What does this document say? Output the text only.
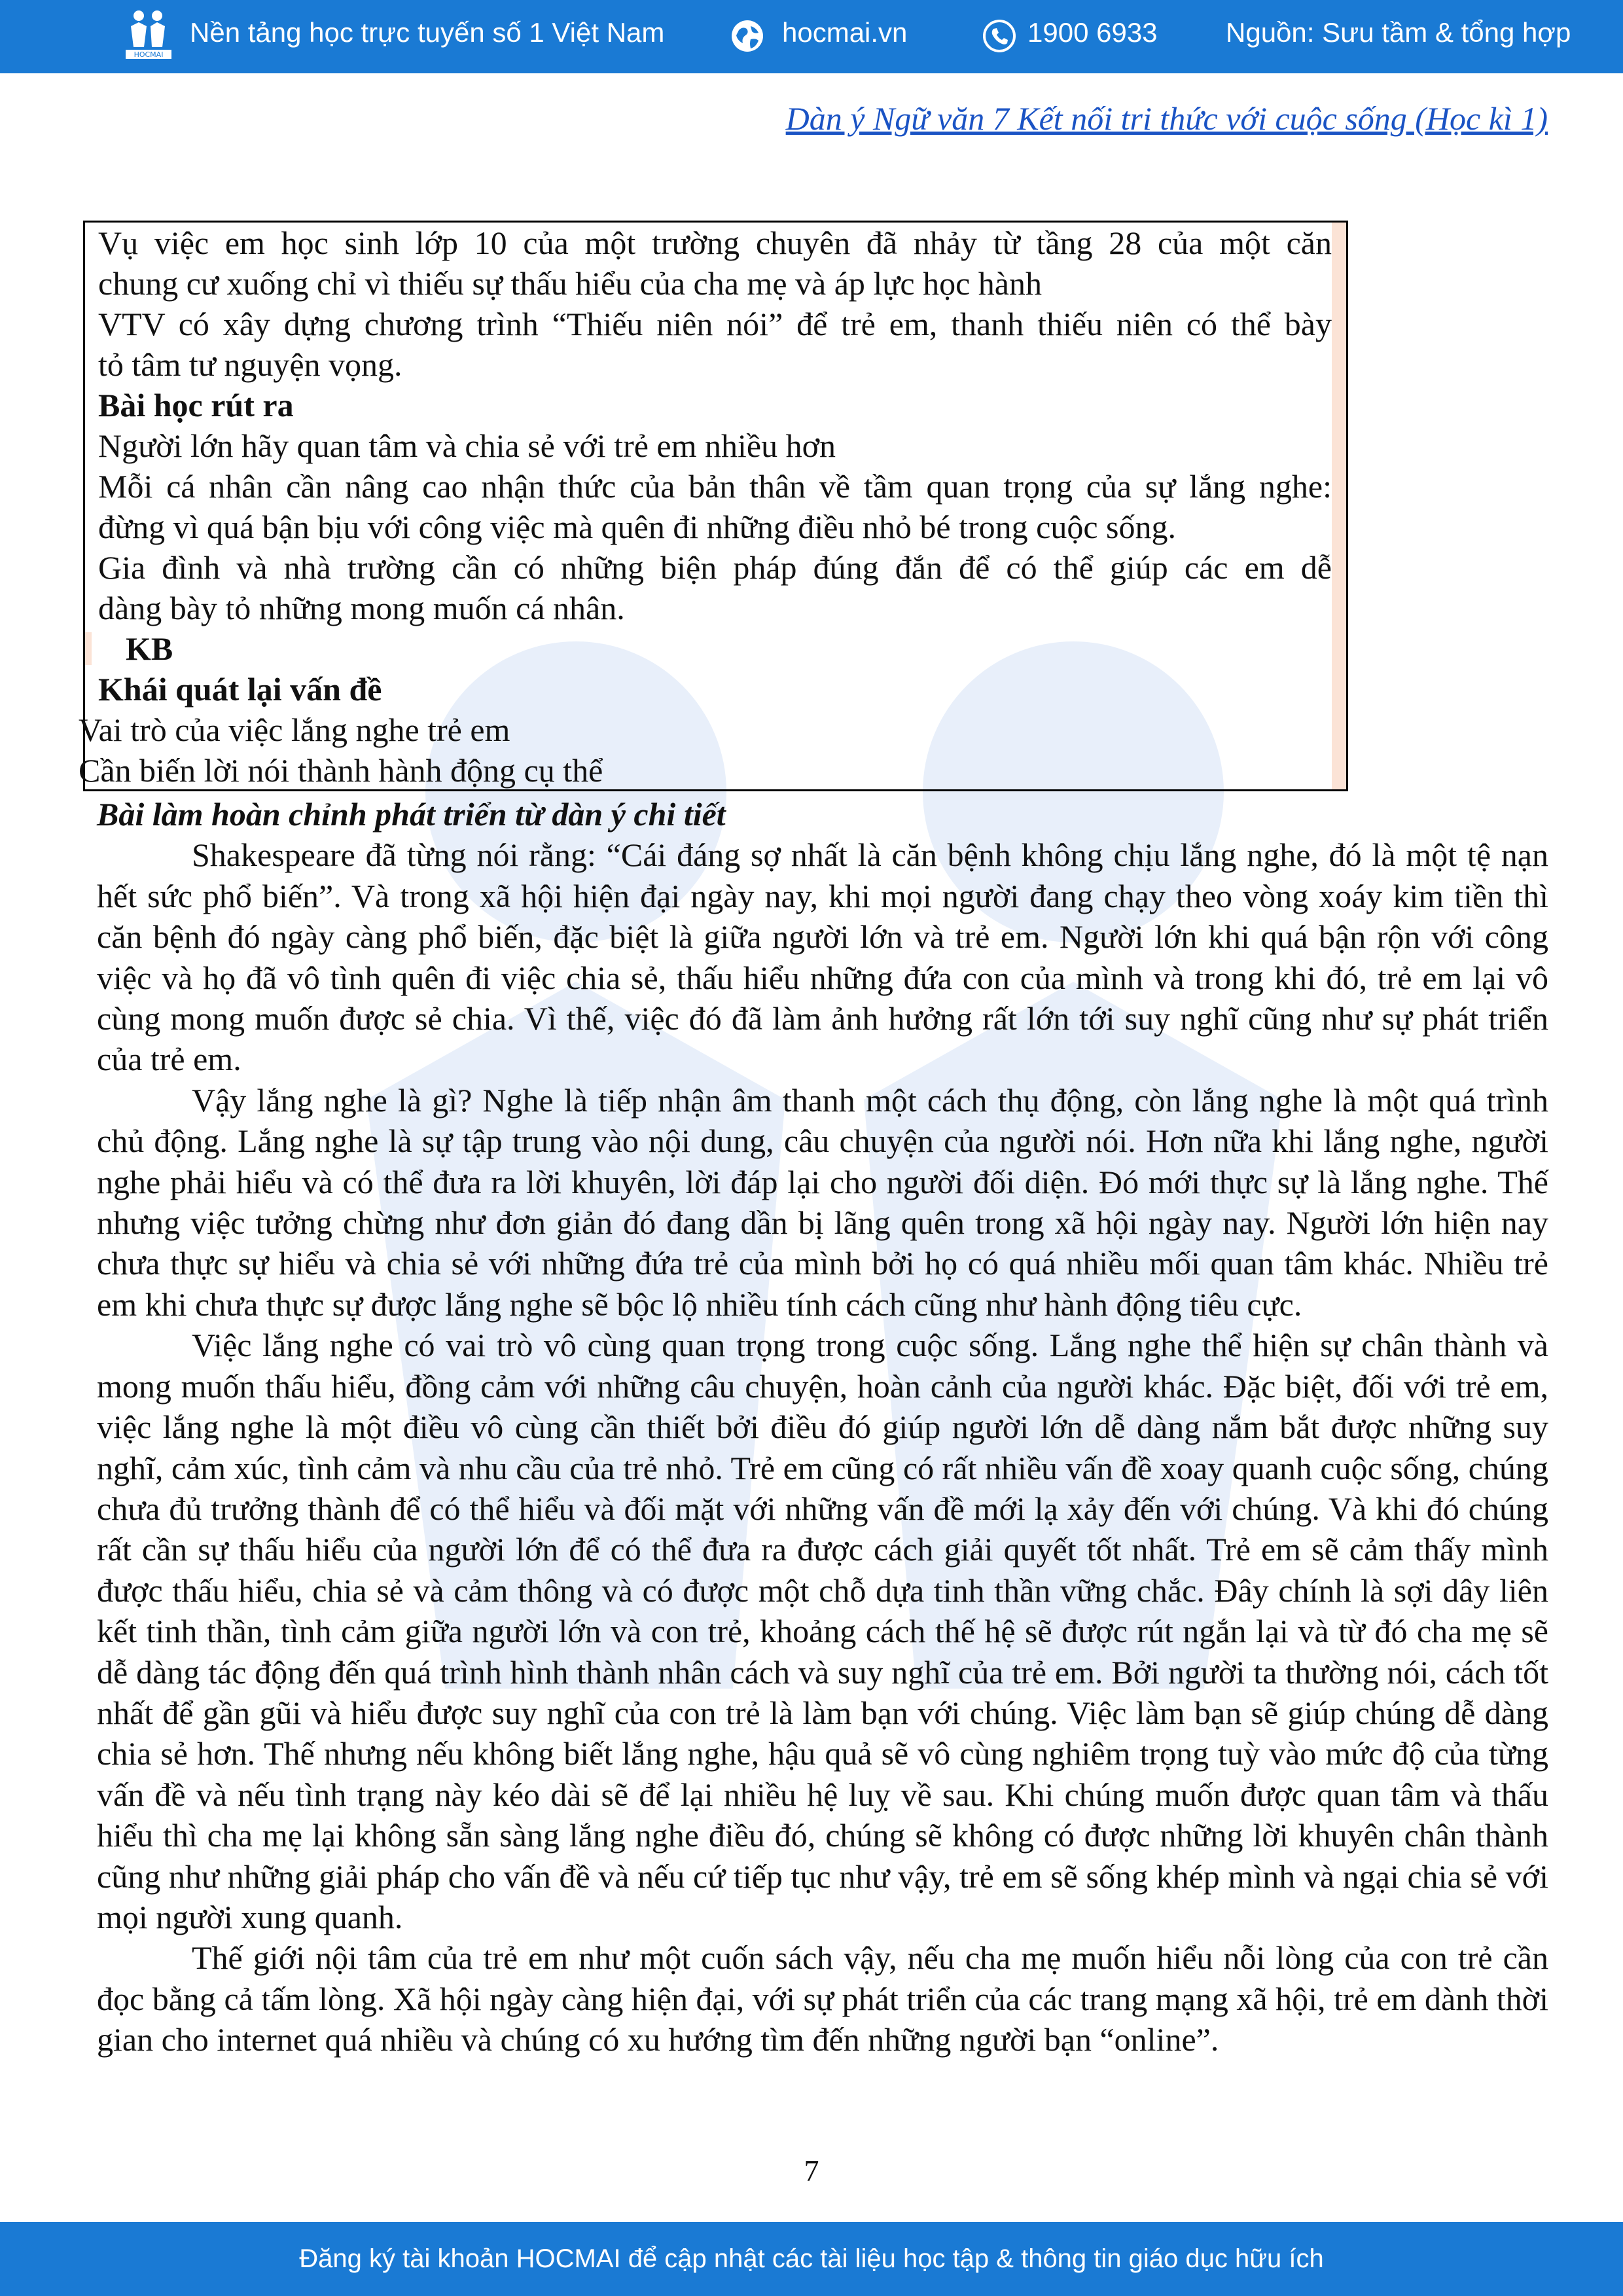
HOCMAI
Nền tảng học trực tuyến số 1 Việt Nam	hocmai.vn	1900 6933 Nguồn: Sưu tầm & tổng hợp
Dàn ý Ngữ văn 7 Kết nối tri thức với cuộc sống (Học kì 1)
Vụ việc em học sinh lớp 10 của một trường chuyên đã nhảy từ tầng 28 của một căn
chung cư xuống chỉ vì thiếu sự thấu hiểu của cha mẹ và áp lực học hành
VTV có xây dựng chương trình “Thiếu niên nói” để trẻ em, thanh thiếu niên có thể bày
tỏ tâm tư nguyện vọng.
Bài học rút ra
Người lớn hãy quan tâm và chia sẻ với trẻ em nhiều hơn
Mỗi cá nhân cần nâng cao nhận thức của bản thân về tầm quan trọng của sự lắng nghe:
đừng vì quá bận bịu với công việc mà quên đi những điều nhỏ bé trong cuộc sống.
Gia đình và nhà trường cần có những biện pháp đúng đắn để có thể giúp các em dễ
dàng bày tỏ những mong muốn cá nhân.
KB
Khái quát lại vấn đề
Vai trò của việc lắng nghe trẻ em
Cần biến lời nói thành hành động cụ thể
Bài làm hoàn chỉnh phát triển từ dàn ý chi tiết

Shakespeare đã từng nói rằng: “Cái đáng sợ nhất là căn bệnh không chịu lắng nghe, đó là một tệ nạn hết sức phổ biến”. Và trong xã hội hiện đại ngày nay, khi mọi người đang chạy theo vòng xoáy kim tiền thì căn bệnh đó ngày càng phổ biến, đặc biệt là giữa người lớn và trẻ em. Người lớn khi quá bận rộn với công việc và họ đã vô tình quên đi việc chia sẻ, thấu hiểu những đứa con của mình và trong khi đó, trẻ em lại vô cùng mong muốn được sẻ chia. Vì thế, việc đó đã làm ảnh hưởng rất lớn tới suy nghĩ cũng như sự phát triển của trẻ em.

Vậy lắng nghe là gì? Nghe là tiếp nhận âm thanh một cách thụ động, còn lắng nghe là một quá trình chủ động. Lắng nghe là sự tập trung vào nội dung, câu chuyện của người nói. Hơn nữa khi lắng nghe, người nghe phải hiểu và có thể đưa ra lời khuyên, lời đáp lại cho người đối diện. Đó mới thực sự là lắng nghe. Thế nhưng việc tưởng chừng như đơn giản đó đang dần bị lãng quên trong xã hội ngày nay. Người lớn hiện nay chưa thực sự hiểu và chia sẻ với những đứa trẻ của mình bởi họ có quá nhiều mối quan tâm khác. Nhiều trẻ em khi chưa thực sự được lắng nghe sẽ bộc lộ nhiều tính cách cũng như hành động tiêu cực.

Việc lắng nghe có vai trò vô cùng quan trọng trong cuộc sống. Lắng nghe thể hiện sự chân thành và mong muốn thấu hiểu, đồng cảm với những câu chuyện, hoàn cảnh của người khác. Đặc biệt, đối với trẻ em, việc lắng nghe là một điều vô cùng cần thiết bởi điều đó giúp người lớn dễ dàng nắm bắt được những suy nghĩ, cảm xúc, tình cảm và nhu cầu của trẻ nhỏ. Trẻ em cũng có rất nhiều vấn đề xoay quanh cuộc sống, chúng chưa đủ trưởng thành để có thể hiểu và đối mặt với những vấn đề mới lạ xảy đến với chúng. Và khi đó chúng rất cần sự thấu hiểu của người lớn để có thể đưa ra được cách giải quyết tốt nhất. Trẻ em sẽ cảm thấy mình được thấu hiểu, chia sẻ và cảm thông và có được một chỗ dựa tinh thần vững chắc. Đây chính là sợi dây liên kết tinh thần, tình cảm giữa người lớn và con trẻ, khoảng cách thế hệ sẽ được rút ngắn lại và từ đó cha mẹ sẽ dễ dàng tác động đến quá trình hình thành nhân cách và suy nghĩ của trẻ em. Bởi người ta thường nói, cách tốt nhất để gần gũi và hiểu được suy nghĩ của con trẻ là làm bạn với chúng. Việc làm bạn sẽ giúp chúng dễ dàng chia sẻ hơn. Thế nhưng nếu không biết lắng nghe, hậu quả sẽ vô cùng nghiêm trọng tuỳ vào mức độ của từng vấn đề và nếu tình trạng này kéo dài sẽ để lại nhiều hệ luỵ về sau. Khi chúng muốn được quan tâm và thấu hiểu thì cha mẹ lại không sẵn sàng lắng nghe điều đó, chúng sẽ không có được những lời khuyên chân thành cũng như những giải pháp cho vấn đề và nếu cứ tiếp tục như vậy, trẻ em sẽ sống khép mình và ngại chia sẻ với mọi người xung quanh.

Thế giới nội tâm của trẻ em như một cuốn sách vậy, nếu cha mẹ muốn hiểu nỗi lòng của con trẻ cần đọc bằng cả tấm lòng. Xã hội ngày càng hiện đại, với sự phát triển của các trang mạng xã hội, trẻ em dành thời gian cho internet quá nhiều và chúng có xu hướng tìm đến những người bạn “online”.

7
Đăng ký tài khoản HOCMAI để cập nhật các tài liệu học tập & thông tin giáo dục hữu ích
